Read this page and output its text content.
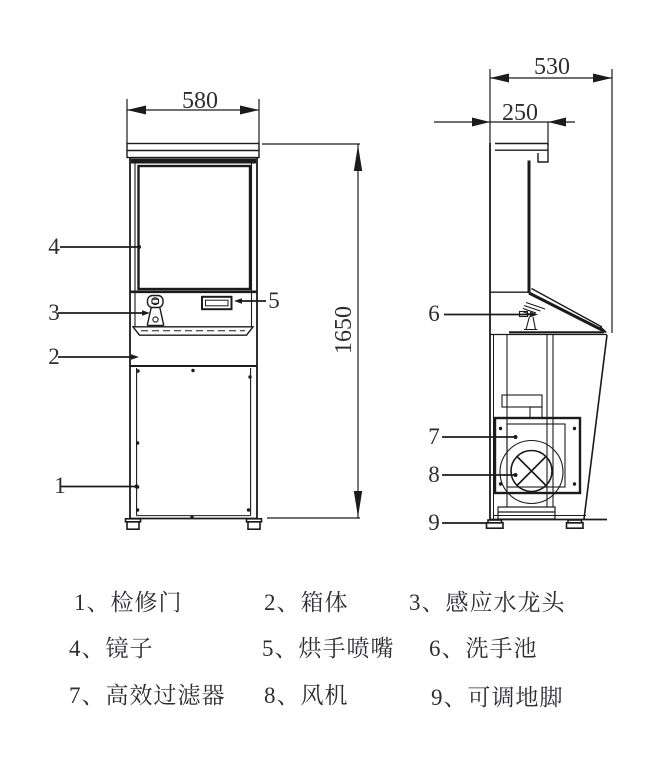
580
530
250
1650
4
3
2
1
5
6
7
8
9
1、检修门	2、箱体	3、感应水龙头
4、镜子	5、烘手喷嘴 6、洗手池
7、高效过滤器 8、风机	9、可调地脚
